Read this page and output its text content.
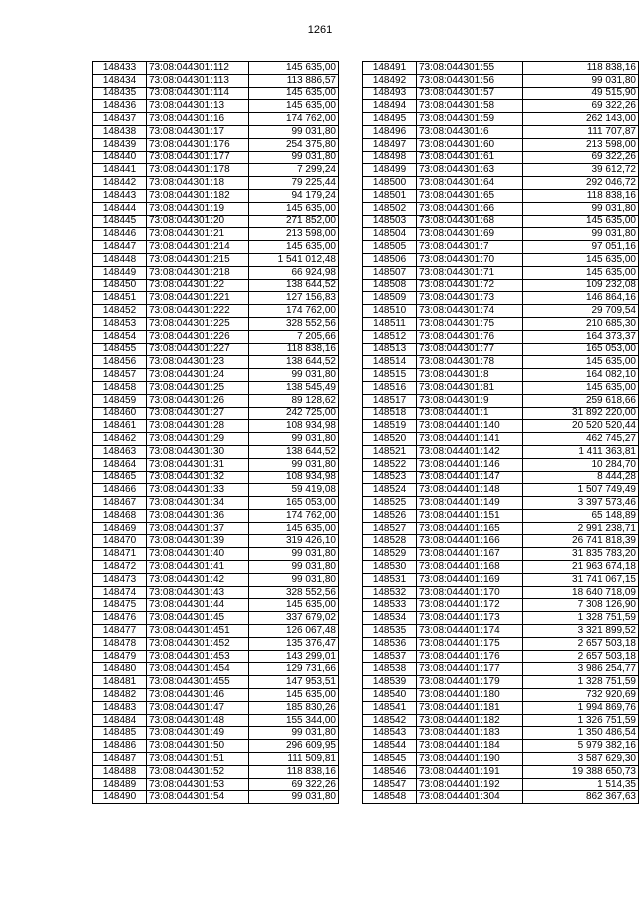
1261
148433	73:08:044301:112	145 635,00
148434	73:08:044301:113	113 886,57
148435	73:08:044301:114	145 635,00
148436	73:08:044301:13	145 635,00
148437	73:08:044301:16	174 762,00
148438	73:08:044301:17	99 031,80
148439	73:08:044301:176	254 375,80
148440	73:08:044301:177	99 031,80
148441	73:08:044301:178	7 299,24
148442	73:08:044301:18	79 225,44
148443	73:08:044301:182	94 179,24
148444	73:08:044301:19	145 635,00
148445	73:08:044301:20	271 852,00
148446	73:08:044301:21	213 598,00
148447	73:08:044301:214	145 635,00
148448	73:08:044301:215	1 541 012,48
148449	73:08:044301:218	66 924,98
148450	73:08:044301:22	138 644,52
148451	73:08:044301:221	127 156,83
148452	73:08:044301:222	174 762,00
148453	73:08:044301:225	328 552,56
148454	73:08:044301:226	7 205,66
148455	73:08:044301:227	118 838,16
148456	73:08:044301:23	138 644,52
148457	73:08:044301:24	99 031,80
148458	73:08:044301:25	138 545,49
148459	73:08:044301:26	89 128,62
148460	73:08:044301:27	242 725,00
148461	73:08:044301:28	108 934,98
148462	73:08:044301:29	99 031,80
148463	73:08:044301:30	138 644,52
148464	73:08:044301:31	99 031,80
148465	73:08:044301:32	108 934,98
148466	73:08:044301:33	59 419,08
148467	73:08:044301:34	165 053,00
148468	73:08:044301:36	174 762,00
148469	73:08:044301:37	145 635,00
148470	73:08:044301:39	319 426,10
148471	73:08:044301:40	99 031,80
148472	73:08:044301:41	99 031,80
148473	73:08:044301:42	99 031,80
148474	73:08:044301:43	328 552,56
148475	73:08:044301:44	145 635,00
148476	73:08:044301:45	337 679,02
148477	73:08:044301:451	126 067,48
148478	73:08:044301:452	135 376,47
148479	73:08:044301:453	143 299,01
148480	73:08:044301:454	129 731,66
148481	73:08:044301:455	147 953,51
148482	73:08:044301:46	145 635,00
148483	73:08:044301:47	185 830,26
148484	73:08:044301:48	155 344,00
148485	73:08:044301:49	99 031,80
148486	73:08:044301:50	296 609,95
148487	73:08:044301:51	111 509,81
148488	73:08:044301:52	118 838,16
148489	73:08:044301:53	69 322,26
148490	73:08:044301:54	99 031,80
148491	73:08:044301:55	118 838,16
148492	73:08:044301:56	99 031,80
148493	73:08:044301:57	49 515,90
148494	73:08:044301:58	69 322,26
148495	73:08:044301:59	262 143,00
148496	73:08:044301:6	111 707,87
148497	73:08:044301:60	213 598,00
148498	73:08:044301:61	69 322,26
148499	73:08:044301:63	39 612,72
148500	73:08:044301:64	292 046,72
148501	73:08:044301:65	118 838,16
148502	73:08:044301:66	99 031,80
148503	73:08:044301:68	145 635,00
148504	73:08:044301:69	99 031,80
148505	73:08:044301:7	97 051,16
148506	73:08:044301:70	145 635,00
148507	73:08:044301:71	145 635,00
148508	73:08:044301:72	109 232,08
148509	73:08:044301:73	146 864,16
148510	73:08:044301:74	29 709,54
148511	73:08:044301:75	210 685,30
148512	73:08:044301:76	164 373,37
148513	73:08:044301:77	165 053,00
148514	73:08:044301:78	145 635,00
148515	73:08:044301:8	164 082,10
148516	73:08:044301:81	145 635,00
148517	73:08:044301:9	259 618,66
148518	73:08:044401:1	31 892 220,00
148519	73:08:044401:140	20 520 520,44
148520	73:08:044401:141	462 745,27
148521	73:08:044401:142	1 411 363,81
148522	73:08:044401:146	10 284,70
148523	73:08:044401:147	8 444,28
148524	73:08:044401:148	1 507 749,49
148525	73:08:044401:149	3 397 573,46
148526	73:08:044401:151	65 148,89
148527	73:08:044401:165	2 991 238,71
148528	73:08:044401:166	26 741 818,39
148529	73:08:044401:167	31 835 783,20
148530	73:08:044401:168	21 963 674,18
148531	73:08:044401:169	31 741 067,15
148532	73:08:044401:170	18 640 718,09
148533	73:08:044401:172	7 308 126,90
148534	73:08:044401:173	1 328 751,59
148535	73:08:044401:174	3 321 899,52
148536	73:08:044401:175	2 657 503,18
148537	73:08:044401:176	2 657 503,18
148538	73:08:044401:177	3 986 254,77
148539	73:08:044401:179	1 328 751,59
148540	73:08:044401:180	732 920,69
148541	73:08:044401:181	1 994 869,76
148542	73:08:044401:182	1 326 751,59
148543	73:08:044401:183	1 350 486,54
148544	73:08:044401:184	5 979 382,16
148545	73:08:044401:190	3 587 629,30
148546	73:08:044401:191	19 388 650,73
148547	73:08:044401:192	1 514,35
148548	73:08:044401:304	862 367,63
